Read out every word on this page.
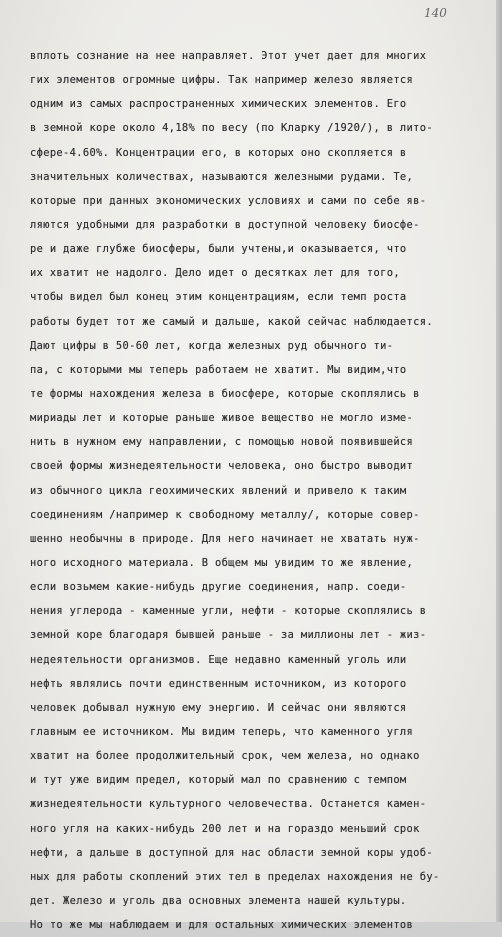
140
вплоть сознание на нее направляет. Этот учет дает для многих
гих элементов огромные цифры. Так например железо является
одним из самых распространенных химических элементов. Его
в земной коре около 4,18% по весу (по Кларку /1920/), в лито-
сфере-4.60%. Концентрации его, в которых оно скопляется в
значительных количествах, называются железными рудами. Те,
которые при данных экономических условиях и сами по себе яв-
ляются удобными для разработки в доступной человеку биосфе-
ре и даже глубже биосферы, были учтены,и оказывается, что
их хватит не надолго. Дело идет о десятках лет для того,
чтобы видел был конец этим концентрациям, если темп роста
работы будет тот же самый и дальше, какой сейчас наблюдается.
Дают цифры в 50-60 лет, когда железных руд обычного ти-
па, с которыми мы теперь работаем не хватит. Мы видим,что
те формы нахождения железа в биосфере, которые скоплялись в
мириады лет и которые раньше живое вещество не могло изме-
нить в нужном ему направлении, с помощью новой появившейся
своей формы жизнедеятельности человека, оно быстро выводит
из обычного цикла геохимических явлений и привело к таким
соединениям /например к свободному металлу/, которые совер-
шенно необычны в природе. Для него начинает не хватать нуж-
ного исходного материала. В общем мы увидим то же явление,
если возьмем какие-нибудь другие соединения, напр. соеди-
нения углерода - каменные угли, нефти - которые скоплялись в
земной коре благодаря бывшей раньше - за миллионы лет - жиз-
недеятельности организмов. Еще недавно каменный уголь или
нефть являлись почти единственным источником, из которого
человек добывал нужную ему энергию. И сейчас они являются
главным ее источником. Мы видим теперь, что каменного угля
хватит на более продолжительный срок, чем железа, но однако
и тут уже видим предел, который мал по сравнению с темпом
жизнедеятельности культурного человечества. Останется камен-
ного угля на каких-нибудь 200 лет и на гораздо меньший срок
нефти, а дальше в доступной для нас области земной коры удоб-
ных для работы скоплений этих тел в пределах нахождения не бу-
дет. Железо и уголь два основных элемента нашей культуры.
Но то же мы наблюдаем и для остальных химических элементов
